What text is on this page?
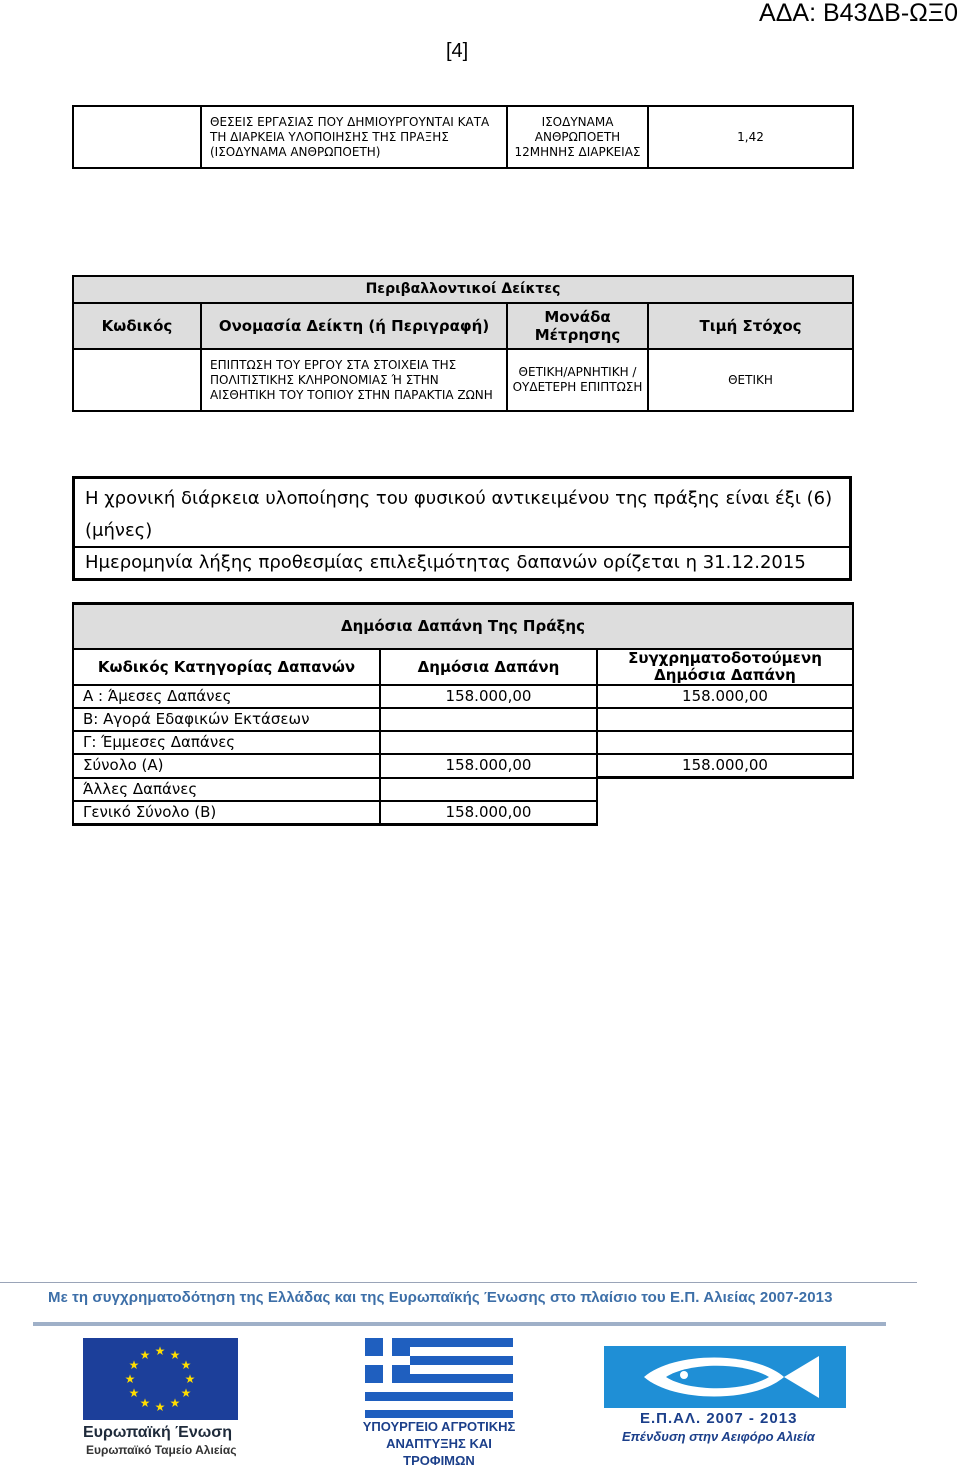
ΑΔΑ: Β43ΔΒ-ΩΞ0
[4]
	ΘΕΣΕΙΣ ΕΡΓΑΣΙΑΣ ΠΟΥ ΔΗΜΙΟΥΡΓΟΥΝΤΑΙ ΚΑΤΑ ΤΗ ΔΙΑΡΚΕΙΑ ΥΛΟΠΟΙΗΣΗΣ ΤΗΣ ΠΡΑΞΗΣ (ΙΣΟΔΥΝΑΜΑ ΑΝΘΡΩΠΟΕΤΗ)	ΙΣΟΔΥΝΑΜΑ ΑΝΘΡΩΠΟΕΤΗ 12ΜΗΝΗΣ ΔΙΑΡΚΕΙΑΣ	1,42
Περιβαλλοντικοί Δείκτες			
Κωδικός	Ονομασία Δείκτη (ή Περιγραφή)	Μονάδα Μέτρησης	Τιμή Στόχος
	ΕΠΙΠΤΩΣΗ ΤΟΥ ΕΡΓΟΥ ΣΤΑ ΣΤΟΙΧΕΙΑ ΤΗΣ ΠΟΛΙΤΙΣΤΙΚΗΣ ΚΛΗΡΟΝΟΜΙΑΣ Ή ΣΤΗΝ ΑΙΣΘΗΤΙΚΗ ΤΟΥ ΤΟΠΙΟΥ ΣΤΗΝ ΠΑΡΑΚΤΙΑ ΖΩΝΗ	ΘΕΤΙΚΗ/ΑΡΝΗΤΙΚΗ /ΟΥΔΕΤΕΡΗ ΕΠΙΠΤΩΣΗ	ΘΕΤΙΚΗ
Η χρονική διάρκεια υλοποίησης του φυσικού αντικειμένου της πράξης είναι έξι (6) (μήνες)
Ημερομηνία λήξης προθεσμίας επιλεξιμότητας δαπανών ορίζεται η 31.12.2015
Δημόσια Δαπάνη Της Πράξης		
Κωδικός Κατηγορίας Δαπανών	Δημόσια Δαπάνη	Συγχρηματοδοτούμενη Δημόσια Δαπάνη
Α : Άμεσες Δαπάνες	158.000,00	158.000,00
Β: Αγορά Εδαφικών Εκτάσεων		
Γ: Έμμεσες Δαπάνες		
Σύνολο (Α)	158.000,00	158.000,00
Άλλες Δαπάνες		
Γενικό Σύνολο (Β)	158.000,00	
Με τη συγχρηματοδότηση της Ελλάδας και της Ευρωπαϊκής Ένωσης στο πλαίσιο του Ε.Π. Αλιείας 2007-2013
★ ★
★
★
★
★
★
★
★
★
★
★
Ευρωπαϊκή Ένωση
Ευρωπαϊκό Ταμείο Αλιείας
ΥΠΟΥΡΓΕΙΟ ΑΓΡΟΤΙΚΗΣ
ΑΝΑΠΤΥΞΗΣ ΚΑΙ ΤΡΟΦΙΜΩΝ
Ε.Π.ΑΛ. 2007 - 2013
Επένδυση στην Αειφόρο Αλιεία
